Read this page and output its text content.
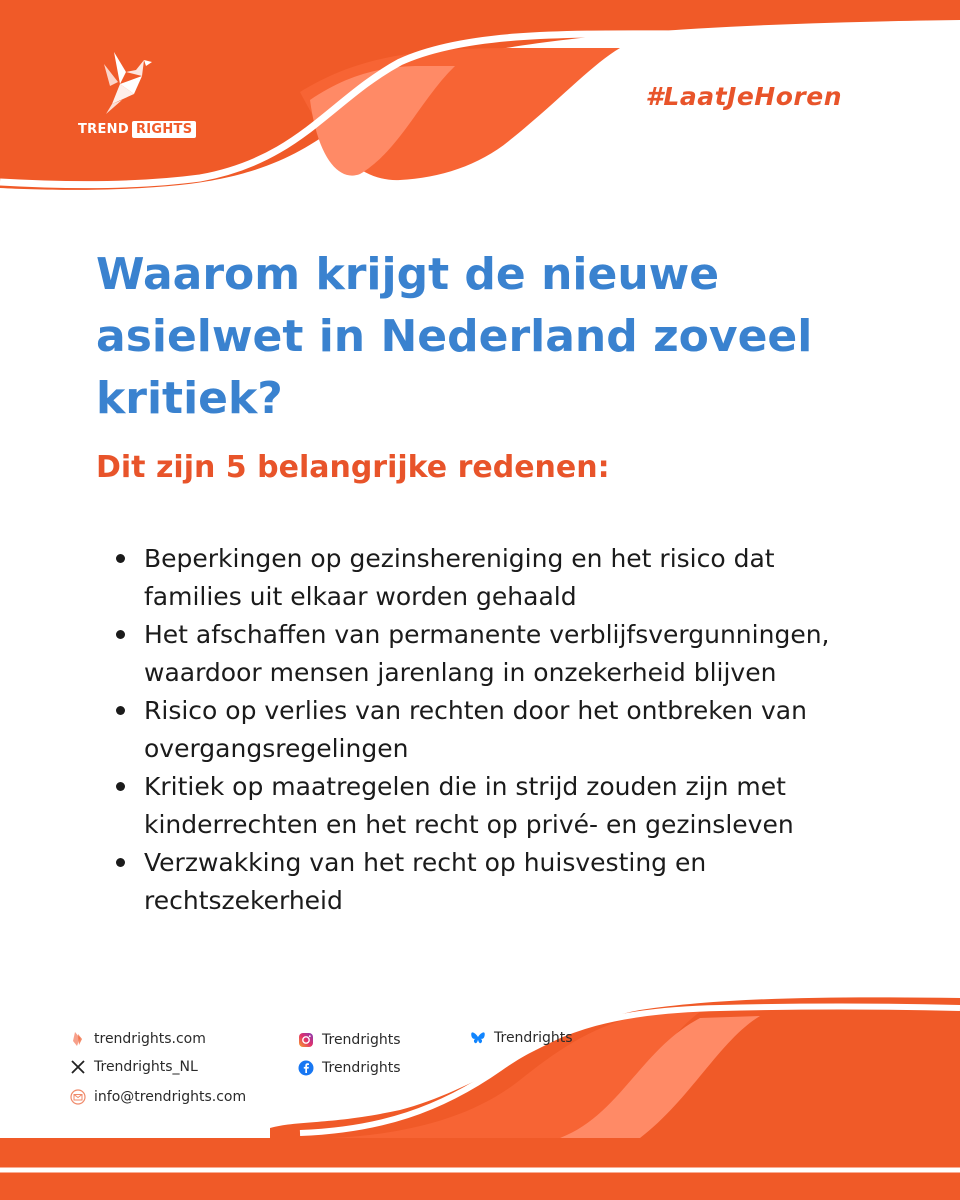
TREND RIGHTS
#LaatJeHoren
Waarom krijgt de nieuwe
asielwet in Nederland zoveel
kritiek?
Dit zijn 5 belangrijke redenen:
Beperkingen op gezinshereniging en het risico dat families uit elkaar worden gehaald
Het afschaffen van permanente verblijfsvergunningen, waardoor mensen jarenlang in onzekerheid blijven
Risico op verlies van rechten door het ontbreken van overgangsregelingen
Kritiek op maatregelen die in strijd zouden zijn met kinderrechten en het recht op privé- en gezinsleven
Verzwakking van het recht op huisvesting en rechtszekerheid
trendrights.com
Trendrights_NL
info@trendrights.com
Trendrights
Trendrights
Trendrights
